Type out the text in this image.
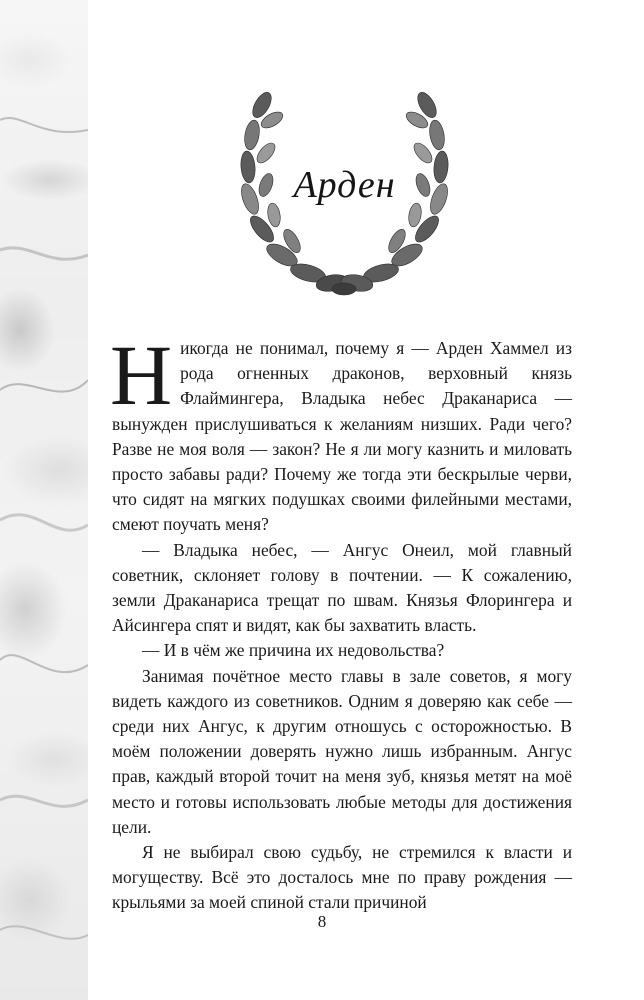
Арден

Никогда не понимал, почему я — Арден Хаммел из рода огненных драконов, верховный князь Флаймингера, Владыка небес Драканариса — вынужден прислушиваться к желаниям низших. Ради чего? Разве не моя воля — закон? Не я ли могу казнить и миловать просто забавы ради? Почему же тогда эти бескрылые черви, что сидят на мягких подушках своими филейными местами, смеют поучать меня?

— Владыка небес, — Ангус Онеил, мой главный советник, склоняет голову в почтении. — К сожалению, земли Драканариса трещат по швам. Князья Флорингера и Айсингера спят и видят, как бы захватить власть.

— И в чём же причина их недовольства?

Занимая почётное место главы в зале советов, я могу видеть каждого из советников. Одним я доверяю как себе — среди них Ангус, к другим отношусь с осторожностью. В моём положении доверять нужно лишь избранным. Ангус прав, каждый второй точит на меня зуб, князья метят на моё место и готовы использовать любые методы для достижения цели.

Я не выбирал свою судьбу, не стремился к власти и могуществу. Всё это досталось мне по праву рождения — крыльями за моей спиной стали причиной

8
